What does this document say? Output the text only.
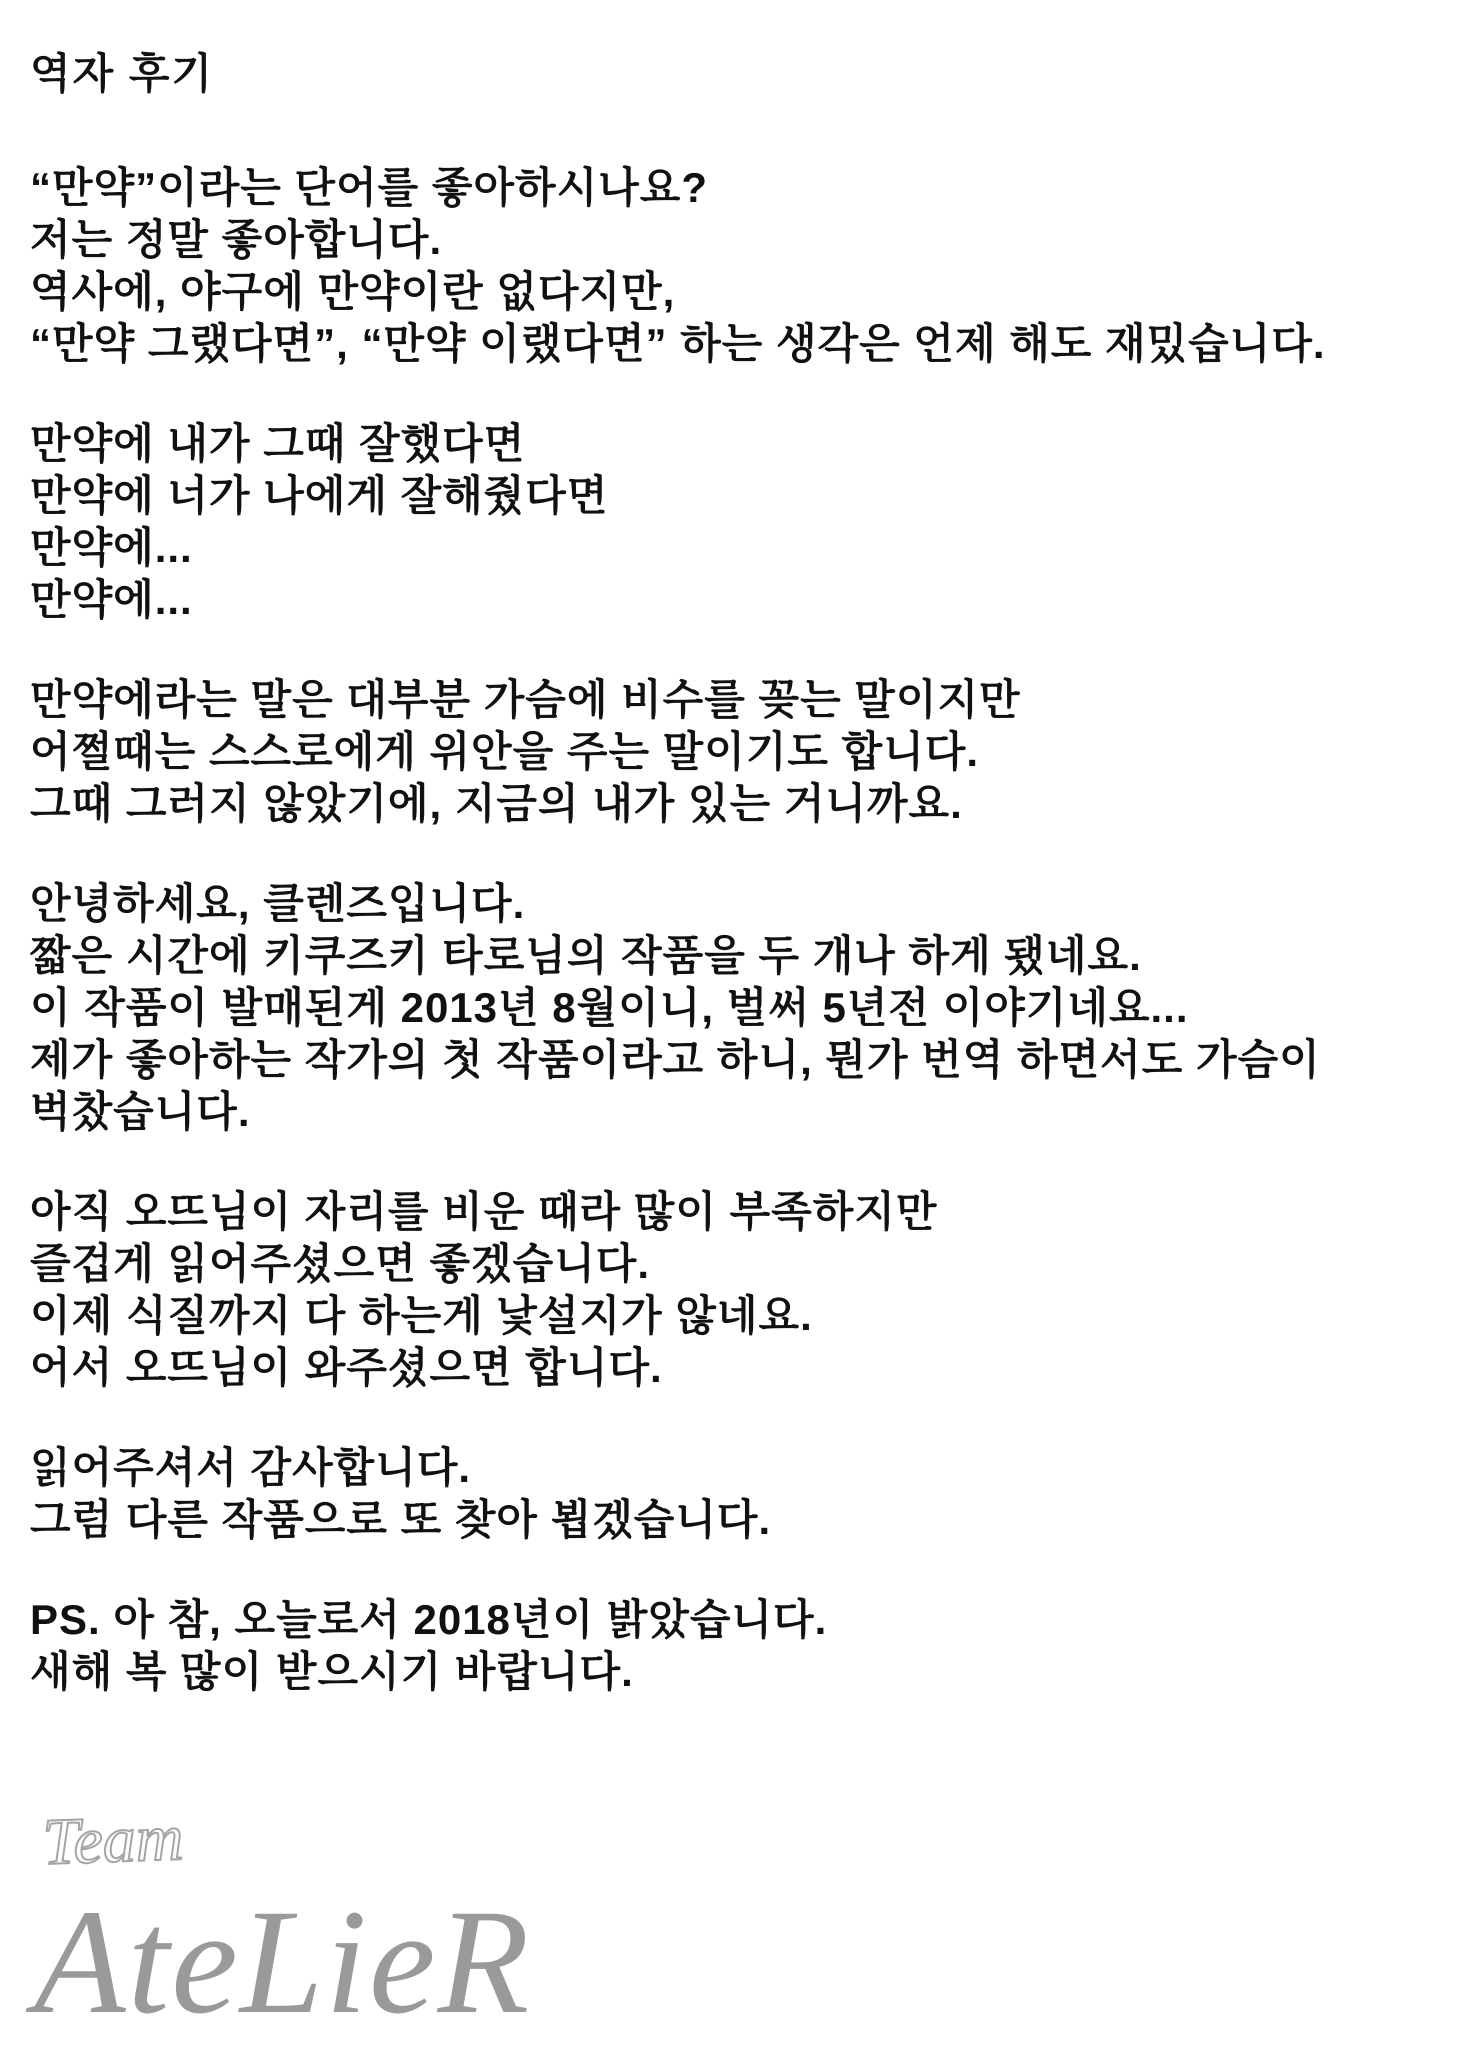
역자 후기
“만약”이라는 단어를 좋아하시나요?
저는 정말 좋아합니다.
역사에, 야구에 만약이란 없다지만,
“만약 그랬다면”, “만약 이랬다면” 하는 생각은 언제 해도 재밌습니다.
만약에 내가 그때 잘했다면
만약에 너가 나에게 잘해줬다면
만약에...
만약에...
만약에라는 말은 대부분 가슴에 비수를 꽂는 말이지만
어쩔때는 스스로에게 위안을 주는 말이기도 합니다.
그때 그러지 않았기에, 지금의 내가 있는 거니까요.
안녕하세요, 클렌즈입니다.
짧은 시간에 키쿠즈키 타로님의 작품을 두 개나 하게 됐네요.
이 작품이 발매된게 2013년 8월이니, 벌써 5년전 이야기네요...
제가 좋아하는 작가의 첫 작품이라고 하니, 뭔가 번역 하면서도 가슴이
벅찼습니다.
아직 오뜨님이 자리를 비운 때라 많이 부족하지만
즐겁게 읽어주셨으면 좋겠습니다.
이제 식질까지 다 하는게 낯설지가 않네요.
어서 오뜨님이 와주셨으면 합니다.
읽어주셔서 감사합니다.
그럼 다른 작품으로 또 찾아 뵙겠습니다.
PS. 아 참, 오늘로서 2018년이 밝았습니다.
새해 복 많이 받으시기 바랍니다.
Team
AteLieR
